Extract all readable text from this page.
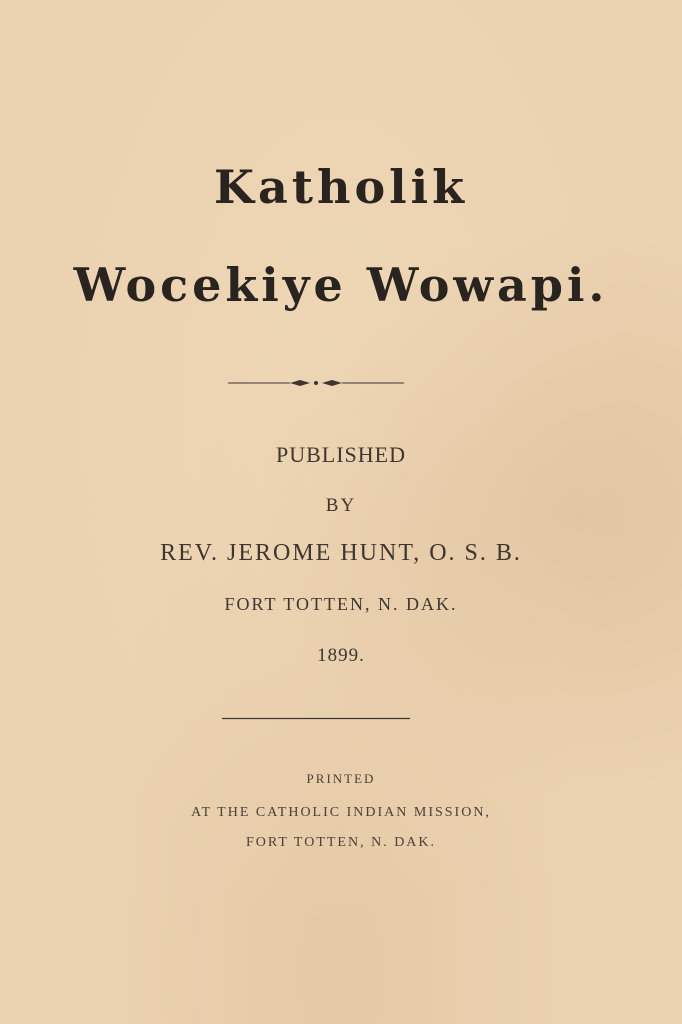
Katholik
Wocekiye Wowapi.
PUBLISHED
BY
REV. JEROME HUNT, O. S. B.
FORT TOTTEN, N. DAK.
1899.
PRINTED
AT THE CATHOLIC INDIAN MISSION,
FORT TOTTEN, N. DAK.
